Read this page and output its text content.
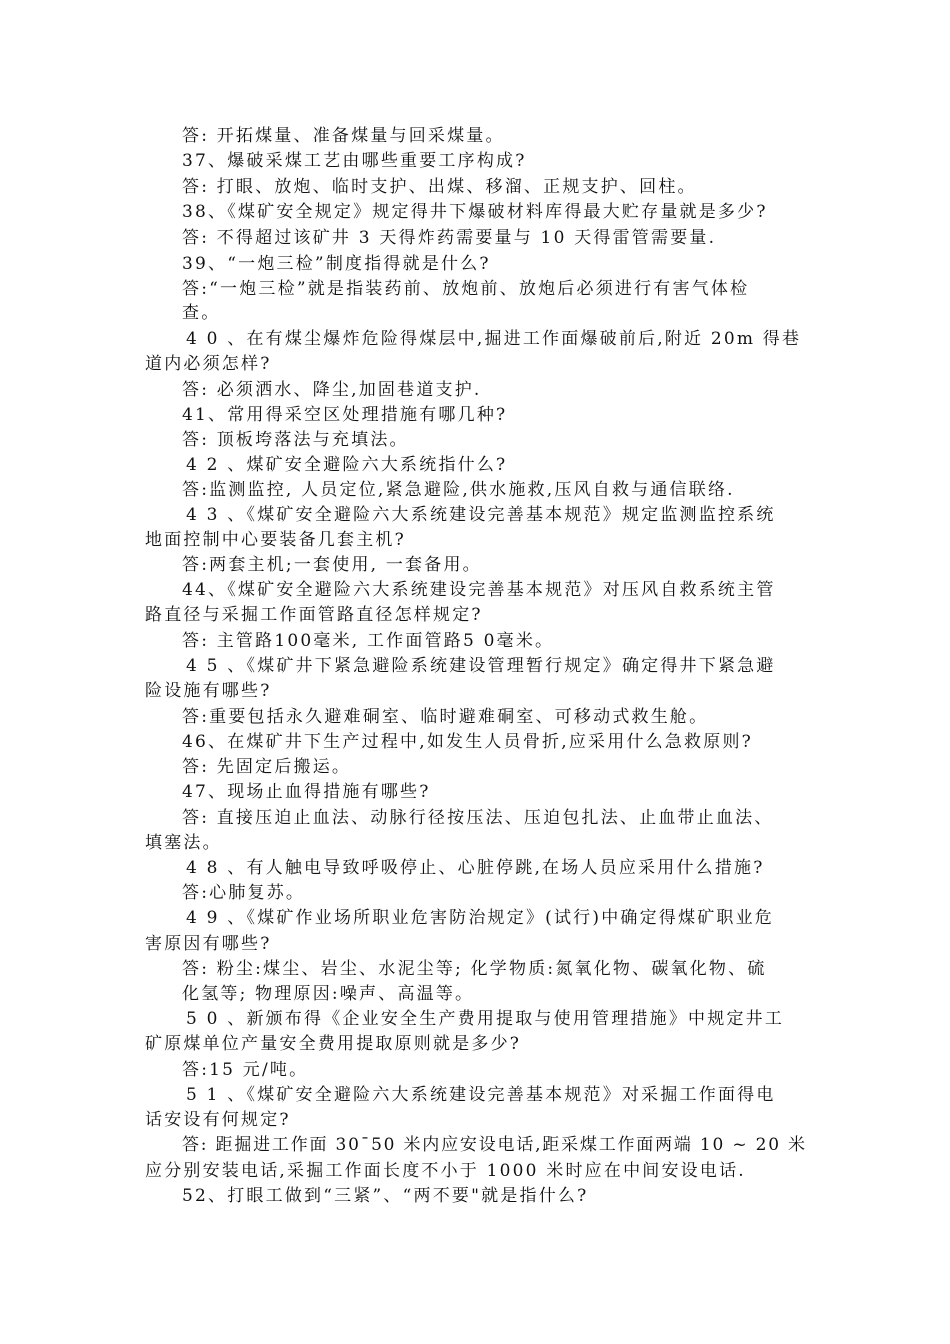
答: 开拓煤量、准备煤量与回采煤量。
37、爆破采煤工艺由哪些重要工序构成?
答: 打眼、放炮、临时支护、出煤、移溜、正规支护、回柱。
38、《煤矿安全规定》规定得井下爆破材料库得最大贮存量就是多少?
答: 不得超过该矿井 3 天得炸药需要量与 10 天得雷管需要量.
39、“一炮三检”制度指得就是什么?
答:“一炮三检”就是指装药前、放炮前、放炮后必须进行有害气体检
查。
4 0 、在有煤尘爆炸危险得煤层中,掘进工作面爆破前后,附近 20m 得巷
道内必须怎样?
答: 必须洒水、降尘,加固巷道支护.
41、常用得采空区处理措施有哪几种?
答: 顶板垮落法与充填法。
4 2 、煤矿安全避险六大系统指什么?
答:监测监控, 人员定位,紧急避险,供水施救,压风自救与通信联络.
4 3 、《煤矿安全避险六大系统建设完善基本规范》规定监测监控系统
地面控制中心要装备几套主机?
答:两套主机;一套使用, 一套备用。
44、《煤矿安全避险六大系统建设完善基本规范》对压风自救系统主管
路直径与采掘工作面管路直径怎样规定?
答: 主管路100毫米, 工作面管路5 0毫米。
4 5 、《煤矿井下紧急避险系统建设管理暂行规定》确定得井下紧急避
险设施有哪些?
答:重要包括永久避难硐室、临时避难硐室、可移动式救生舱。
46、在煤矿井下生产过程中,如发生人员骨折,应采用什么急救原则?
答: 先固定后搬运。
47、现场止血得措施有哪些?
答: 直接压迫止血法、动脉行径按压法、压迫包扎法、止血带止血法、
填塞法。
4 8 、有人触电导致呼吸停止、心脏停跳,在场人员应采用什么措施?
答:心肺复苏。
4 9 、《煤矿作业场所职业危害防治规定》(试行)中确定得煤矿职业危
害原因有哪些?
答: 粉尘:煤尘、岩尘、水泥尘等; 化学物质:氮氧化物、碳氧化物、硫
化氢等; 物理原因:噪声、高温等。
5 0 、新颁布得《企业安全生产费用提取与使用管理措施》中规定井工
矿原煤单位产量安全费用提取原则就是多少?
答:15 元/吨。
5 1 、《煤矿安全避险六大系统建设完善基本规范》对采掘工作面得电
话安设有何规定?
答: 距掘进工作面 30¯50 米内应安设电话,距采煤工作面两端 10 ~ 20 米
应分别安装电话,采掘工作面长度不小于 1000 米时应在中间安设电话.
52、打眼工做到“三紧”、“两不要"就是指什么?
